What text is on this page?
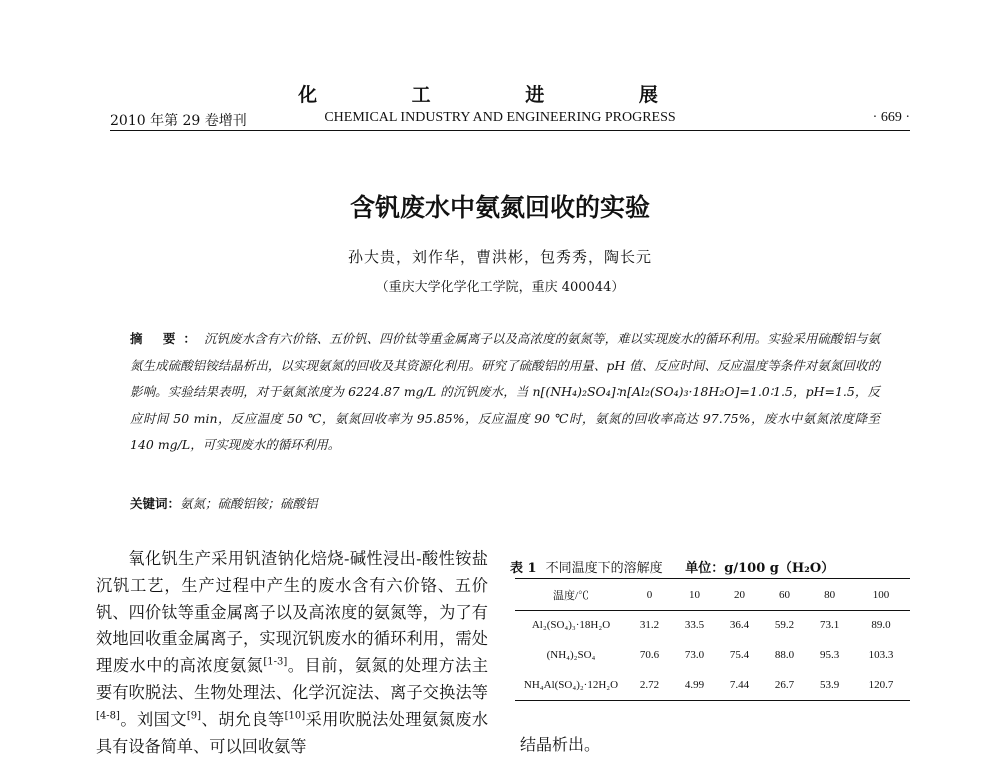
化 工 进 展
2010 年第 29 卷增刊	CHEMICAL INDUSTRY AND ENGINEERING PROGRESS	· 669 ·
含钒废水中氨氮回收的实验
孙大贵，刘作华，曹洪彬，包秀秀，陶长元
（重庆大学化学化工学院，重庆 400044）
摘 要：沉钒废水含有六价铬、五价钒、四价钛等重金属离子以及高浓度的氨氮等，难以实现废水的循环利用。实验采用硫酸铝与氨氮生成硫酸铝铵结晶析出，以实现氨氮的回收及其资源化利用。研究了硫酸铝的用量、pH 值、反应时间、反应温度等条件对氨氮回收的影响。实验结果表明，对于氨氮浓度为 6224.87 mg/L 的沉钒废水，当 n[(NH₄)₂SO₄]∶n[Al₂(SO₄)₃·18H₂O]=1.0∶1.5，pH=1.5，反应时间 50 min，反应温度 50 ℃，氨氮回收率为 95.85%，反应温度 90 ℃时，氨氮的回收率高达 97.75%，废水中氨氮浓度降至 140 mg/L，可实现废水的循环利用。
关键词：氨氮；硫酸铝铵；硫酸铝
氧化钒生产采用钒渣钠化焙烧-碱性浸出-酸性铵盐沉钒工艺，生产过程中产生的废水含有六价铬、五价钒、四价钛等重金属离子以及高浓度的氨氮等，为了有效地回收重金属离子，实现沉钒废水的循环利用，需处理废水中的高浓度氨氮[1-3]。目前，氨氮的处理方法主要有吹脱法、生物处理法、化学沉淀法、离子交换法等[4-8]。刘国文[9]、胡允良等[10]采用吹脱法处理氨氮废水具有设备简单、可以回收氨等
表 1 不同温度下的溶解度 单位：g/100 g（H₂O）
温度/℃	0	10	20	60	80	100
Al₂(SO₄)₃·18H₂O	31.2	33.5	36.4	59.2	73.1	89.0
(NH₄)₂SO₄	70.6	73.0	75.4	88.0	95.3	103.3
NH₄Al(SO₄)₂·12H₂O	2.72	4.99	7.44	26.7	53.9	120.7
结晶析出。
